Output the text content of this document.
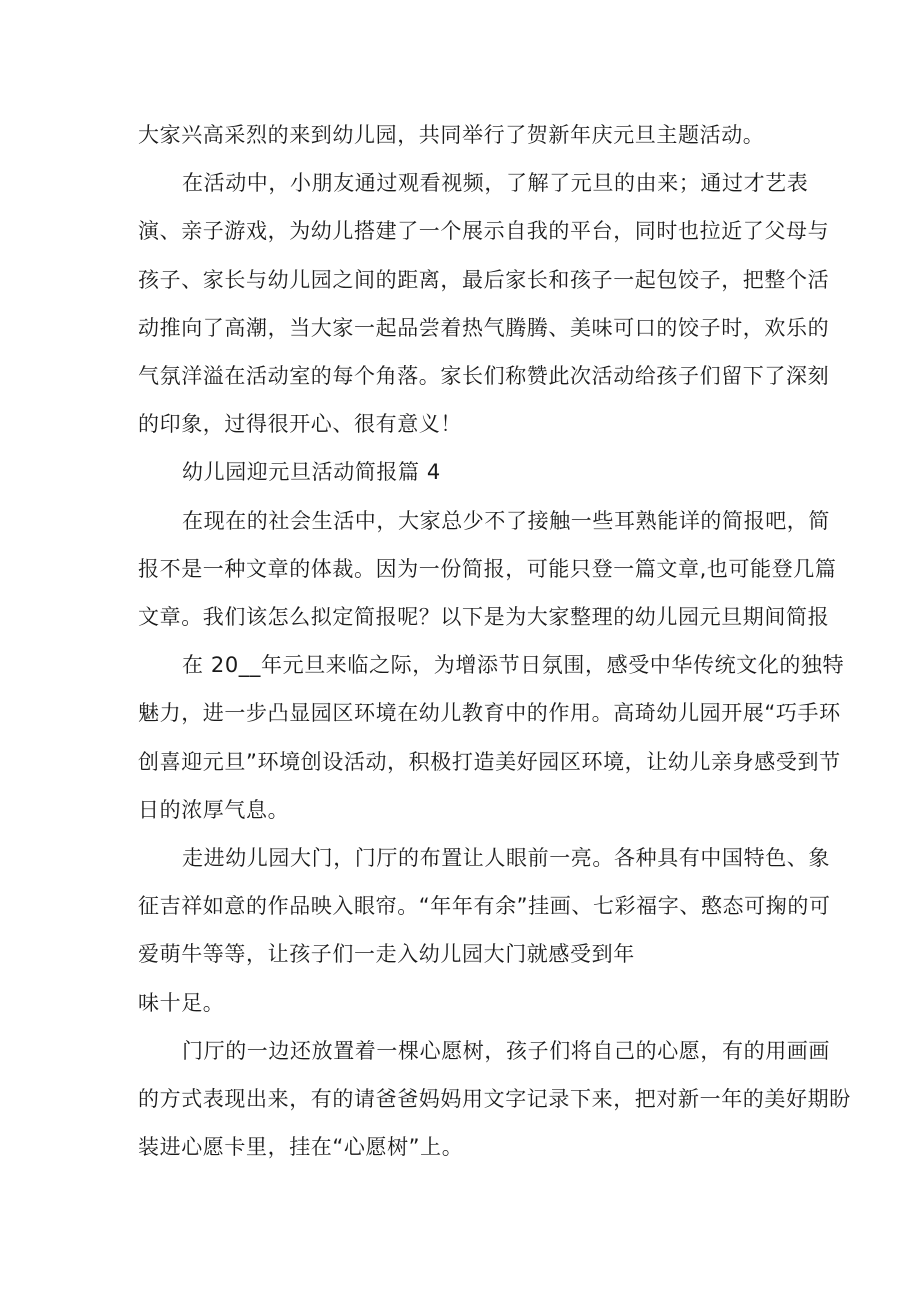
大家兴高采烈的来到幼儿园，共同举行了贺新年庆元旦主题活动。
在活动中，小朋友通过观看视频，了解了元旦的由来；通过才艺表
演、亲子游戏，为幼儿搭建了一个展示自我的平台，同时也拉近了父母与
孩子、家长与幼儿园之间的距离，最后家长和孩子一起包饺子，把整个活
动推向了高潮，当大家一起品尝着热气腾腾、美味可口的饺子时，欢乐的
气氛洋溢在活动室的每个角落。家长们称赞此次活动给孩子们留下了深刻
的印象，过得很开心、很有意义！
幼儿园迎元旦活动简报篇 4
在现在的社会生活中，大家总少不了接触一些耳熟能详的简报吧，简
报不是一种文章的体裁。因为一份简报，可能只登一篇文章,也可能登几篇
文章。我们该怎么拟定简报呢？以下是为大家整理的幼儿园元旦期间简报
在 20__年元旦来临之际，为增添节日氛围，感受中华传统文化的独特
魅力，进一步凸显园区环境在幼儿教育中的作用。高琦幼儿园开展“巧手环
创喜迎元旦”环境创设活动，积极打造美好园区环境，让幼儿亲身感受到节
日的浓厚气息。
走进幼儿园大门，门厅的布置让人眼前一亮。各种具有中国特色、象
征吉祥如意的作品映入眼帘。“年年有余”挂画、七彩福字、憨态可掬的可
爱萌牛等等，让孩子们一走入幼儿园大门就感受到年
味十足。
门厅的一边还放置着一棵心愿树，孩子们将自己的心愿，有的用画画
的方式表现出来，有的请爸爸妈妈用文字记录下来，把对新一年的美好期盼
装进心愿卡里，挂在“心愿树”上。
